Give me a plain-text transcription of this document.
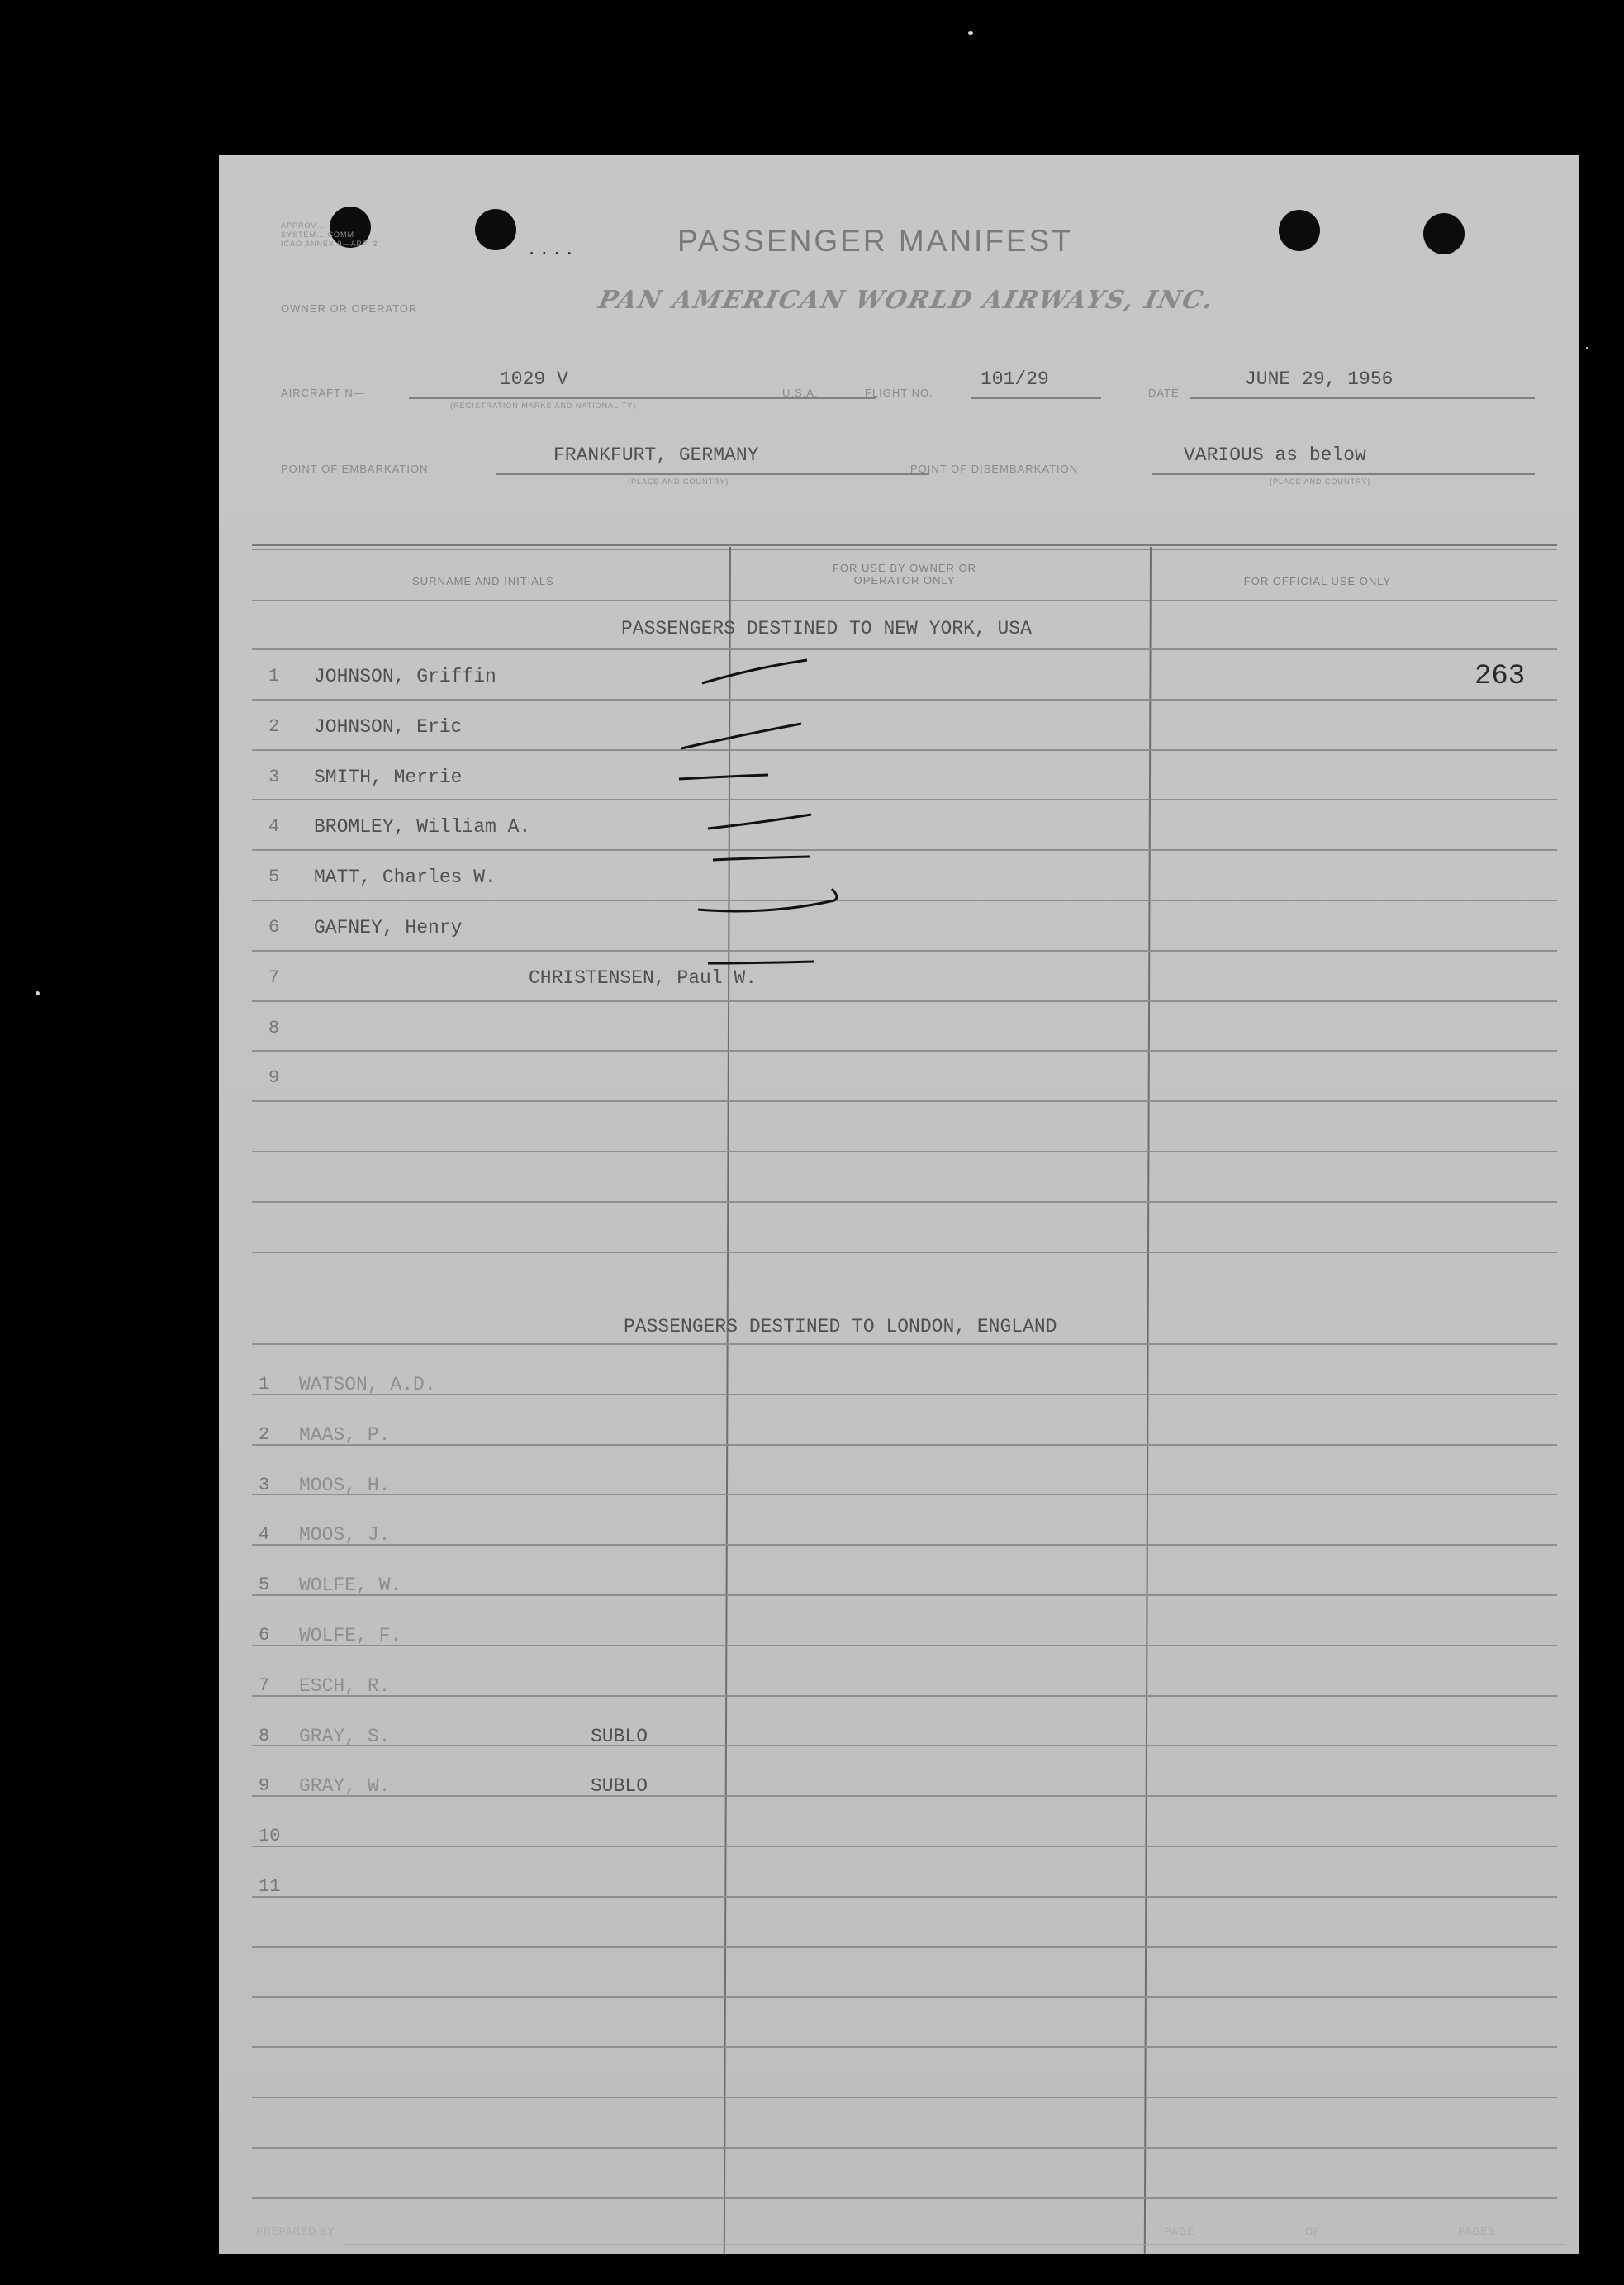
APPROV…
SYSTEM… COMM
ICAO ANNEX 9—APP. 2	....	PASSENGER MANIFEST
OWNER OR OPERATOR	PAN AMERICAN WORLD AIRWAYS, INC.
AIRCRAFT N—
1029 V
(REGISTRATION MARKS AND NATIONALITY)
U.S.A.	FLIGHT NO.
101/29
DATE
JUNE 29, 1956
POINT OF EMBARKATION
FRANKFURT, GERMANY
(PLACE AND COUNTRY)
POINT OF DISEMBARKATION
VARIOUS as below
(PLACE AND COUNTRY)
SURNAME AND INITIALS
FOR USE BY OWNER OR OPERATOR ONLY	FOR OFFICIAL USE ONLY
PASSENGERS DESTINED TO NEW YORK, USA
1 JOHNSON, Griffin	263
2 JOHNSON, Eric
3 SMITH, Merrie
4 BROMLEY, William A.
5 MATT, Charles W.
6 GAFNEY, Henry
7	CHRISTENSEN, Paul W.
8
9
PASSENGERS DESTINED TO LONDON, ENGLAND
1 WATSON, A.D.
2 MAAS, P.
3 MOOS, H.
4 MOOS, J.
5 WOLFE, W.
6 WOLFE, F.
7 ESCH, R.
8 GRAY, S.	SUBLO
9 GRAY, W.	SUBLO
10
11
PREPARED BY	PAGE	OF	PAGES
